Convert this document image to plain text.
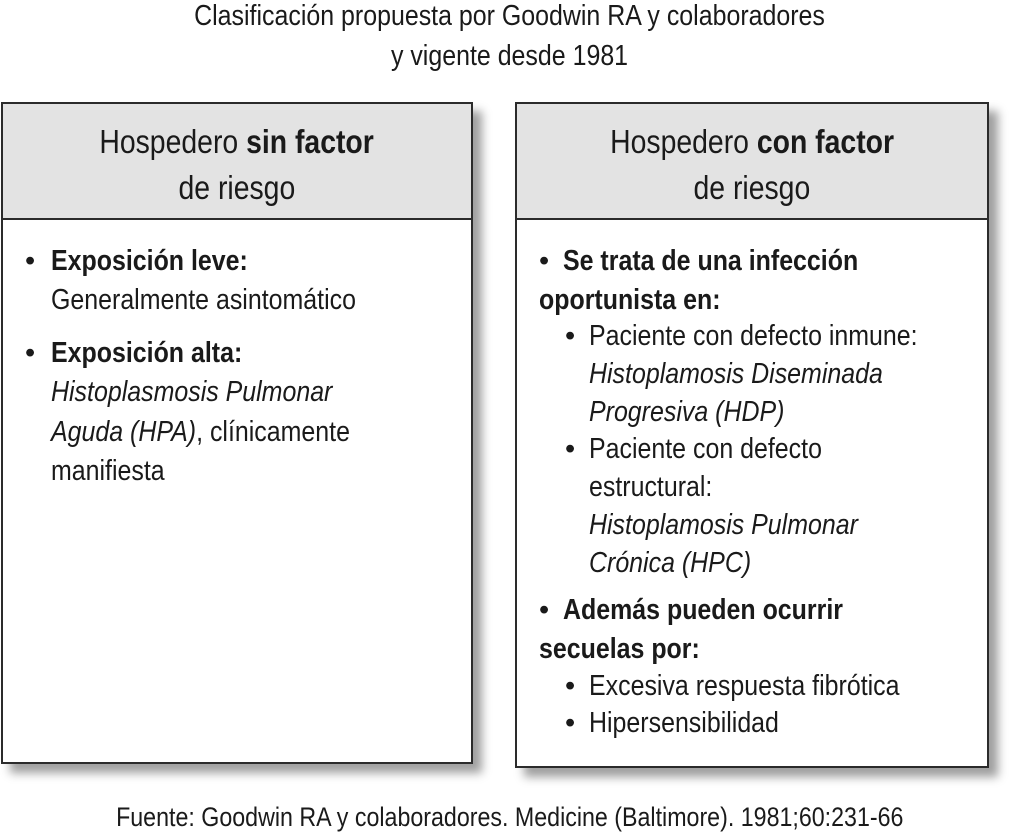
Clasificación propuesta por Goodwin RA y colaboradores
y vigente desde 1981
Hospedero sin factor
de riesgo
• Exposición leve:
Generalmente asintomático
• Exposición alta:
Histoplasmosis Pulmonar
Aguda (HPA), clínicamente
manifiesta
Hospedero con factor
de riesgo
• Se trata de una infección
oportunista en:
• Paciente con defecto inmune:
Histoplamosis Diseminada
Progresiva (HDP)
• Paciente con defecto
estructural:
Histoplamosis Pulmonar
Crónica (HPC)
• Además pueden ocurrir
secuelas por:
• Excesiva respuesta fibrótica
• Hipersensibilidad
Fuente: Goodwin RA y colaboradores. Medicine (Baltimore). 1981;60:231-66
